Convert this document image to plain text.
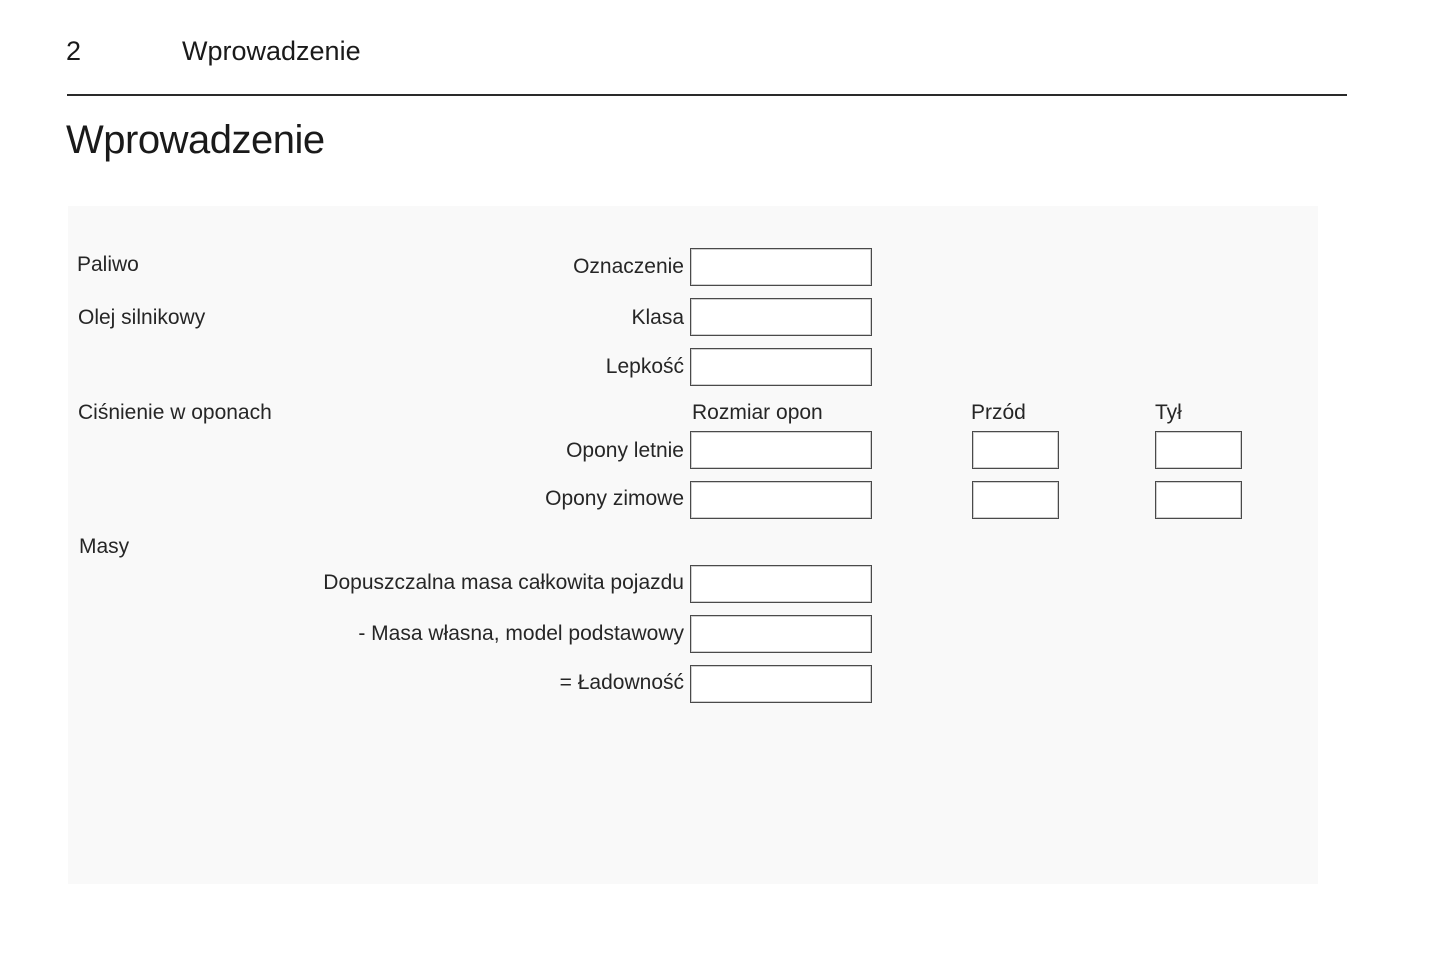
2	Wprowadzenie
Wprowadzenie
Paliwo	Oznaczenie
Olej silnikowy	Klasa
Lepkość
Ciśnienie w oponach	Rozmiar opon	Przód	Tył
Opony letnie
Opony zimowe
Masy
Dopuszczalna masa całkowita pojazdu
- Masa własna, model podstawowy
= Ładowność
